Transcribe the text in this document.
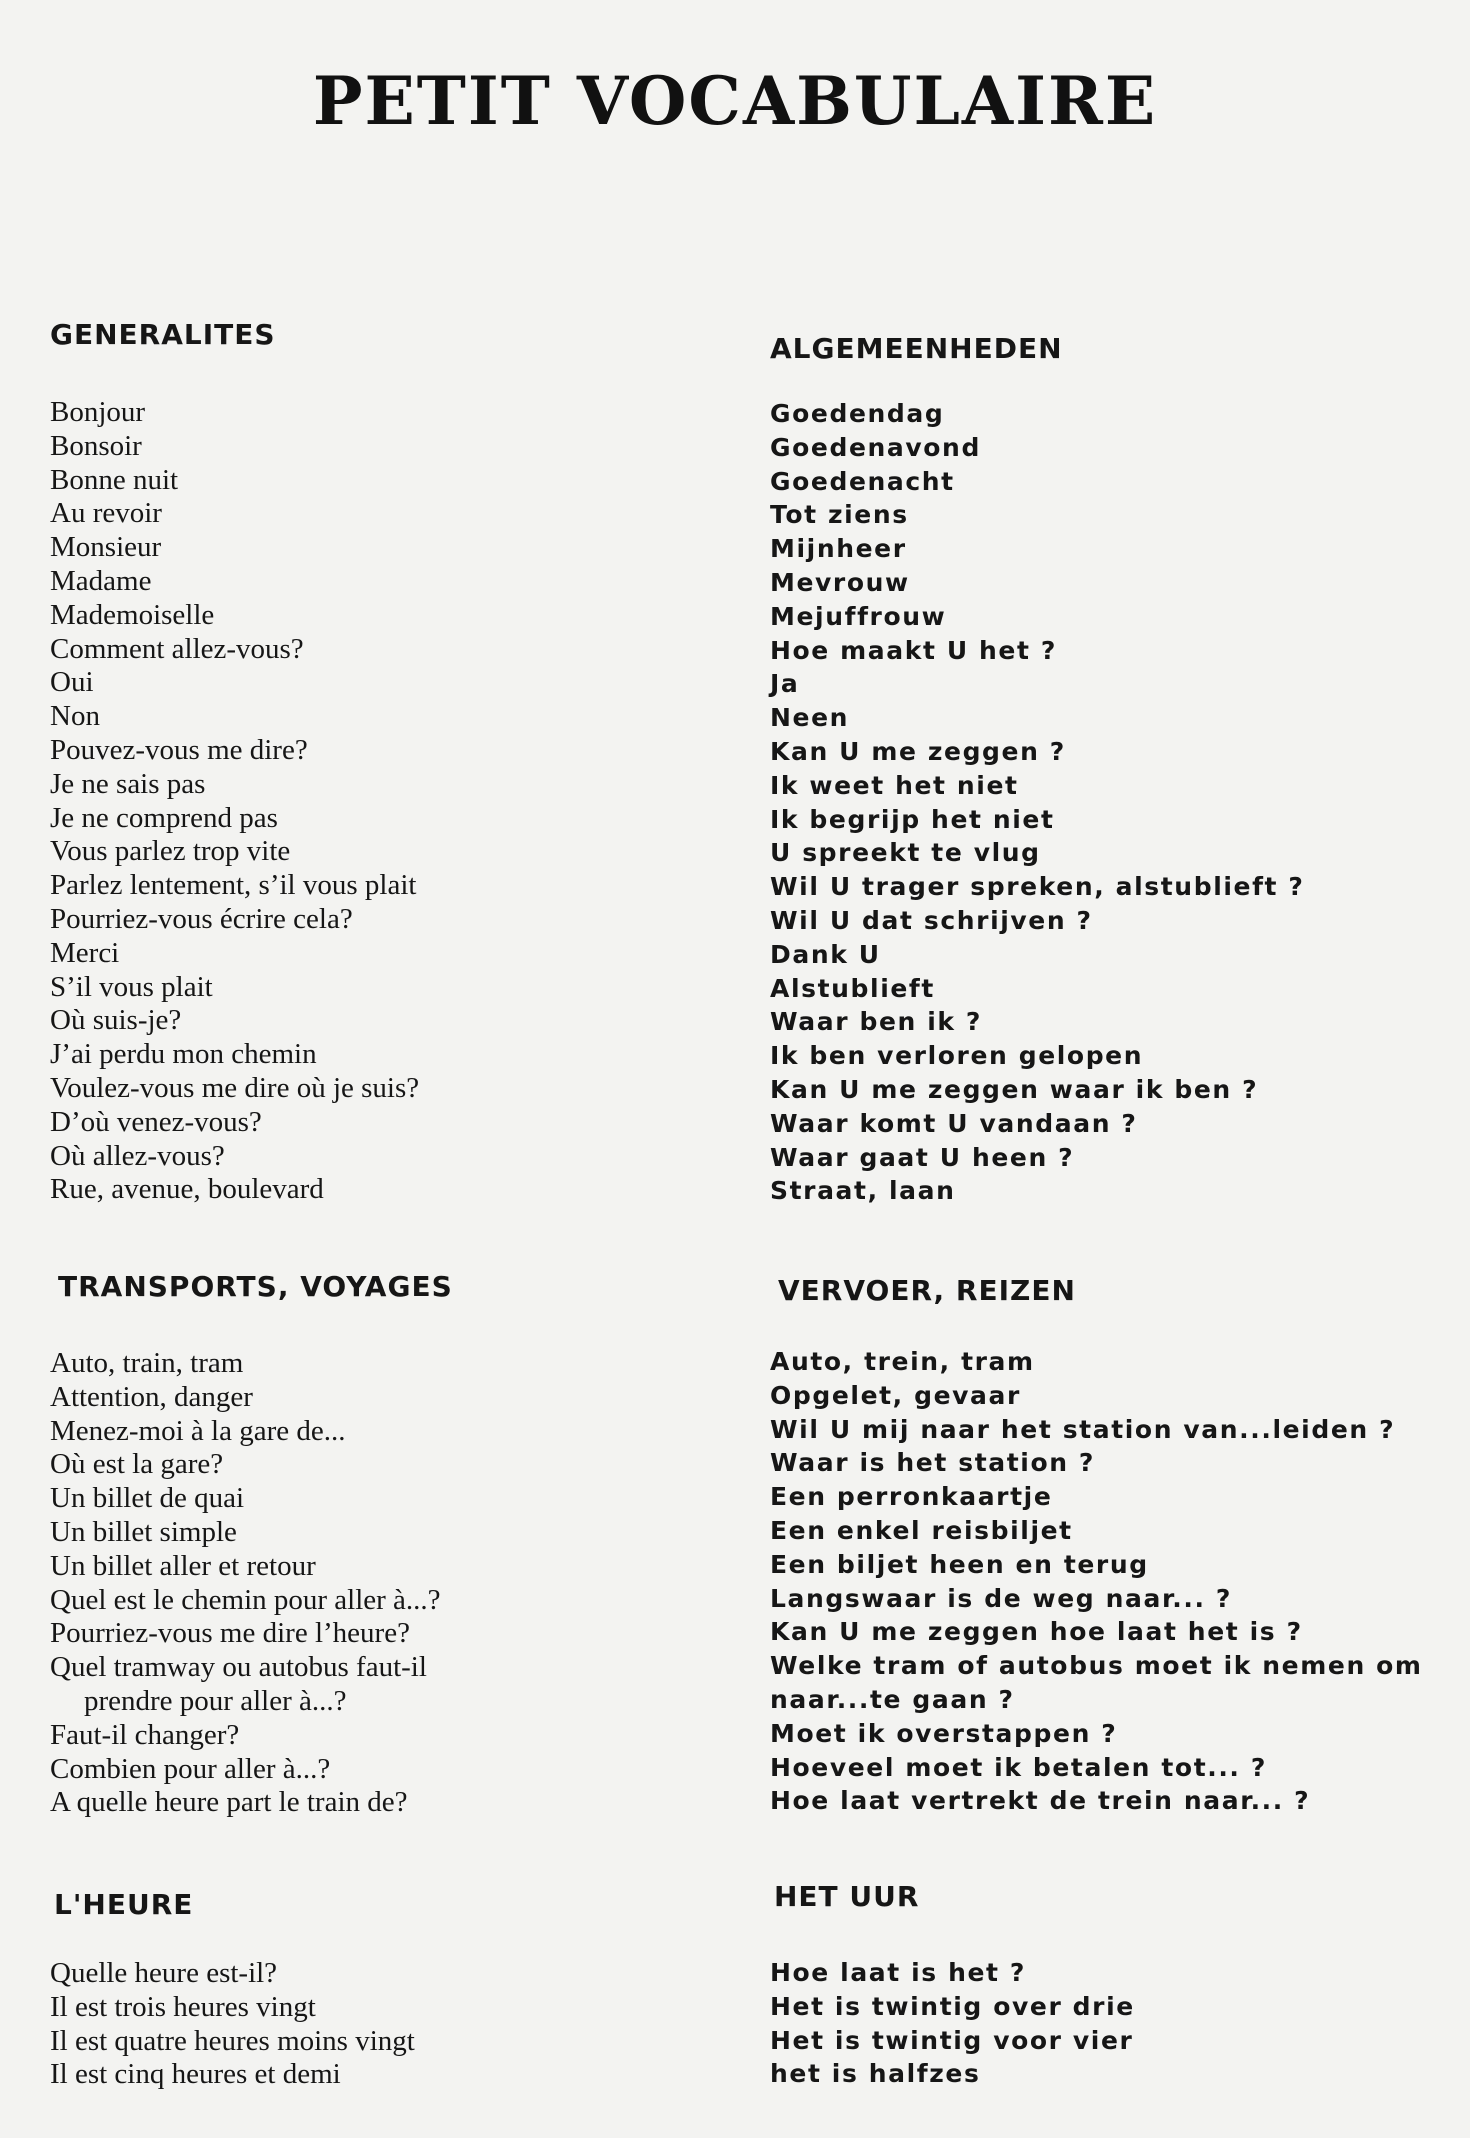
PETIT VOCABULAIRE
GENERALITES
Bonjour
Bonsoir
Bonne nuit
Au revoir
Monsieur
Madame
Mademoiselle
Comment allez-vous?
Oui
Non
Pouvez-vous me dire?
Je ne sais pas
Je ne comprend pas
Vous parlez trop vite
Parlez lentement, s’il vous plait
Pourriez-vous écrire cela?
Merci
S’il vous plait
Où suis-je?
J’ai perdu mon chemin
Voulez-vous me dire où je suis?
D’où venez-vous?
Où allez-vous?
Rue, avenue, boulevard
TRANSPORTS, VOYAGES
Auto, train, tram
Attention, danger
Menez-moi à la gare de...
Où est la gare?
Un billet de quai
Un billet simple
Un billet aller et retour
Quel est le chemin pour aller à...?
Pourriez-vous me dire l’heure?
Quel tramway ou autobus faut-il
prendre pour aller à...?
Faut-il changer?
Combien pour aller à...?
A quelle heure part le train de?
L'HEURE
Quelle heure est-il?
Il est trois heures vingt
Il est quatre heures moins vingt
Il est cinq heures et demi
ALGEMEENHEDEN
Goedendag
Goedenavond
Goedenacht
Tot ziens
Mijnheer
Mevrouw
Mejuffrouw
Hoe maakt U het ?
Ja
Neen
Kan U me zeggen ?
Ik weet het niet
Ik begrijp het niet
U spreekt te vlug
Wil U trager spreken, alstublieft ?
Wil U dat schrijven ?
Dank U
Alstublieft
Waar ben ik ?
Ik ben verloren gelopen
Kan U me zeggen waar ik ben ?
Waar komt U vandaan ?
Waar gaat U heen ?
Straat, laan
VERVOER, REIZEN
Auto, trein, tram
Opgelet, gevaar
Wil U mij naar het station van...leiden ?
Waar is het station ?
Een perronkaartje
Een enkel reisbiljet
Een biljet heen en terug
Langswaar is de weg naar... ?
Kan U me zeggen hoe laat het is ?
Welke tram of autobus moet ik nemen om
naar...te gaan ?
Moet ik overstappen ?
Hoeveel moet ik betalen tot... ?
Hoe laat vertrekt de trein naar... ?
HET UUR
Hoe laat is het ?
Het is twintig over drie
Het is twintig voor vier
het is halfzes
